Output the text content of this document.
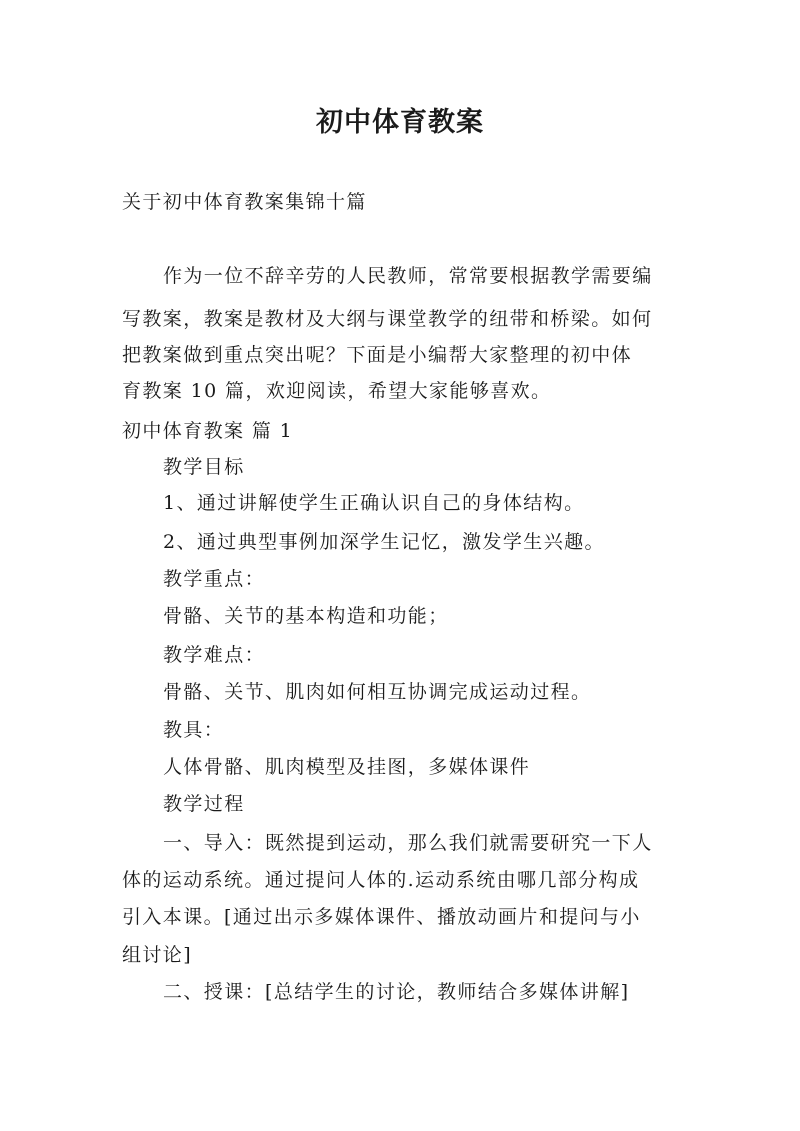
初中体育教案
关于初中体育教案集锦十篇
作为一位不辞辛劳的人民教师，常常要根据教学需要编
写教案，教案是教材及大纲与课堂教学的纽带和桥梁。如何
把教案做到重点突出呢？下面是小编帮大家整理的初中体
育教案 10 篇，欢迎阅读，希望大家能够喜欢。
初中体育教案 篇 1
教学目标
1、通过讲解使学生正确认识自己的身体结构。
2、通过典型事例加深学生记忆，激发学生兴趣。
教学重点：
骨骼、关节的基本构造和功能；
教学难点：
骨骼、关节、肌肉如何相互协调完成运动过程。
教具：
人体骨骼、肌肉模型及挂图，多媒体课件
教学过程
一、导入：既然提到运动，那么我们就需要研究一下人
体的运动系统。通过提问人体的.运动系统由哪几部分构成
引入本课。[通过出示多媒体课件、播放动画片和提问与小
组讨论]
二、授课：[总结学生的讨论，教师结合多媒体讲解]
